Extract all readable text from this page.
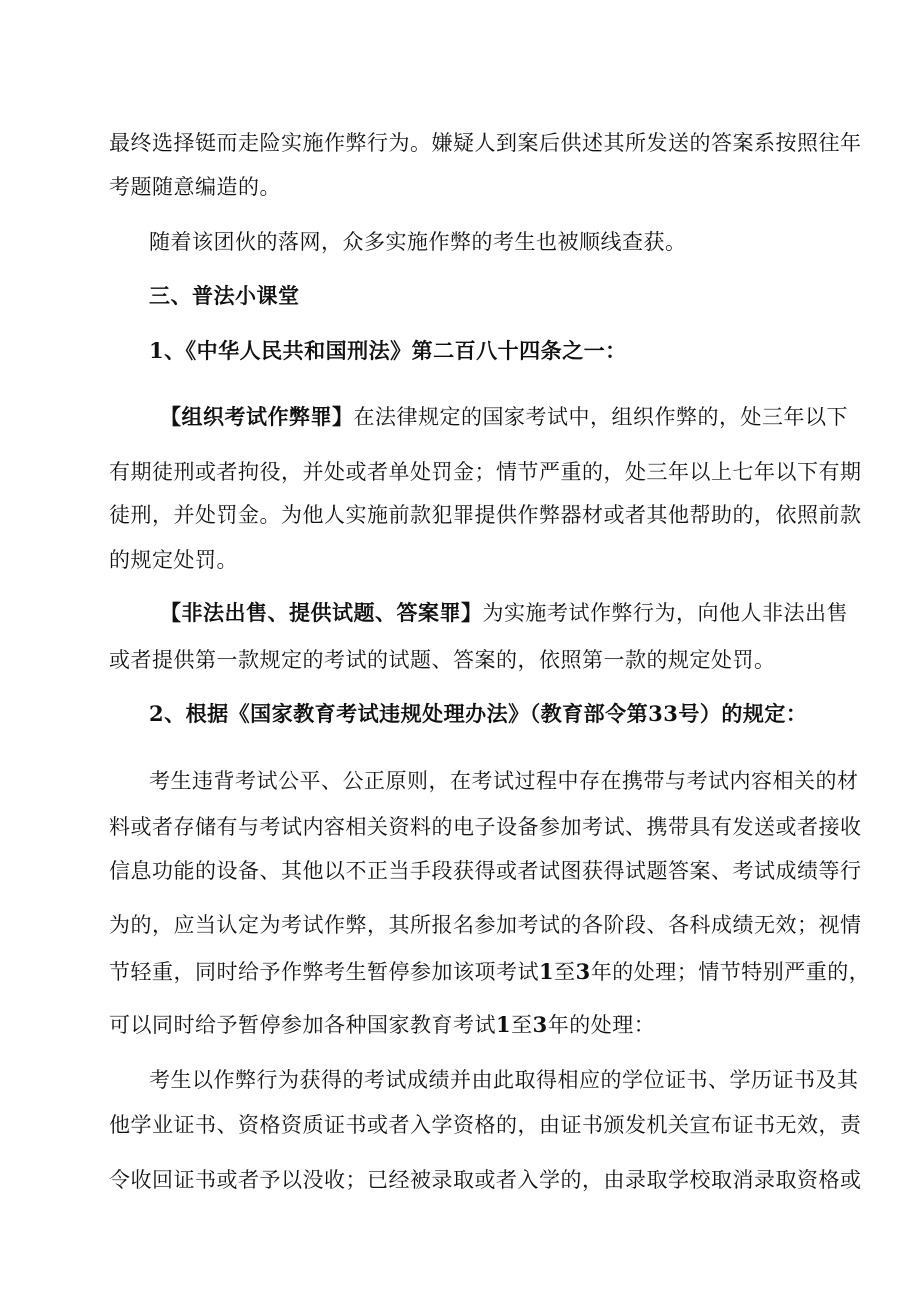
最终选择铤而走险实施作弊行为。嫌疑人到案后供述其所发送的答案系按照往年
考题随意编造的。
随着该团伙的落网，众多实施作弊的考生也被顺线查获。
三、普法小课堂
1、《中华人民共和国刑法》第二百八十四条之一：
【组织考试作弊罪】在法律规定的国家考试中，组织作弊的，处三年以下
有期徒刑或者拘役，并处或者单处罚金；情节严重的，处三年以上七年以下有期
徒刑，并处罚金。为他人实施前款犯罪提供作弊器材或者其他帮助的，依照前款
的规定处罚。
【非法出售、提供试题、答案罪】为实施考试作弊行为，向他人非法出售
或者提供第一款规定的考试的试题、答案的，依照第一款的规定处罚。
2、根据《国家教育考试违规处理办法》（教育部令第33号）的规定：
考生违背考试公平、公正原则，在考试过程中存在携带与考试内容相关的材
料或者存储有与考试内容相关资料的电子设备参加考试、携带具有发送或者接收
信息功能的设备、其他以不正当手段获得或者试图获得试题答案、考试成绩等行
为的，应当认定为考试作弊，其所报名参加考试的各阶段、各科成绩无效；视情
节轻重，同时给予作弊考生暂停参加该项考试1至3年的处理；情节特别严重的，
可以同时给予暂停参加各种国家教育考试1至3年的处理：
考生以作弊行为获得的考试成绩并由此取得相应的学位证书、学历证书及其
他学业证书、资格资质证书或者入学资格的，由证书颁发机关宣布证书无效，责
令收回证书或者予以没收；已经被录取或者入学的，由录取学校取消录取资格或
